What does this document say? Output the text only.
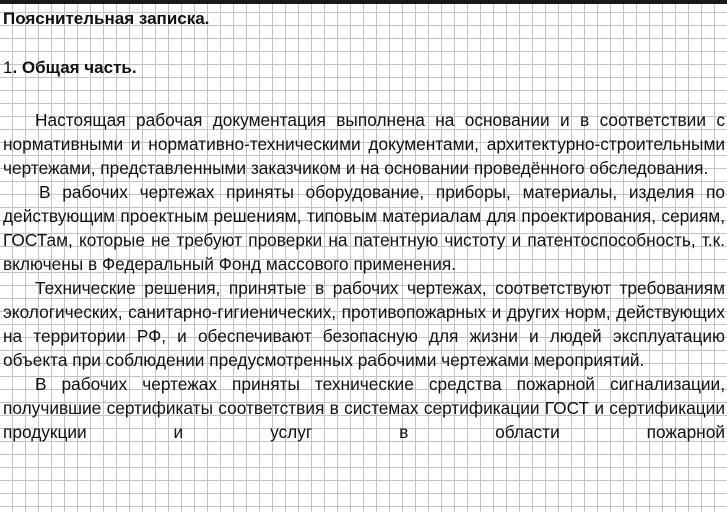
Пояснительная записка.
1. Общая часть.

Настоящая рабочая документация выполнена на основании и в соответствии с нормативными и нормативно-техническими документами, архитектурно-строительными чертежами, представленными заказчиком и на основании проведённого обследования.

В рабочих чертежах приняты оборудование, приборы, материалы, изделия по действующим проектным решениям, типовым материалам для проектирования, сериям, ГОСТам, которые не требуют проверки на патентную чистоту и патентоспособность, т.к. включены в Федеральный Фонд массового применения.

Технические решения, принятые в рабочих чертежах, соответствуют требованиям экологических, санитарно-гигиенических, противопожарных и других норм, действующих на территории РФ, и обеспечивают безопасную для жизни и людей эксплуатацию объекта при соблюдении предусмотренных рабочими чертежами мероприятий.

В рабочих чертежах приняты технические средства пожарной сигнализации, получившие сертификаты соответствия в системах сертификации ГОСТ и сертификации продукции и услуг в области пожарной
